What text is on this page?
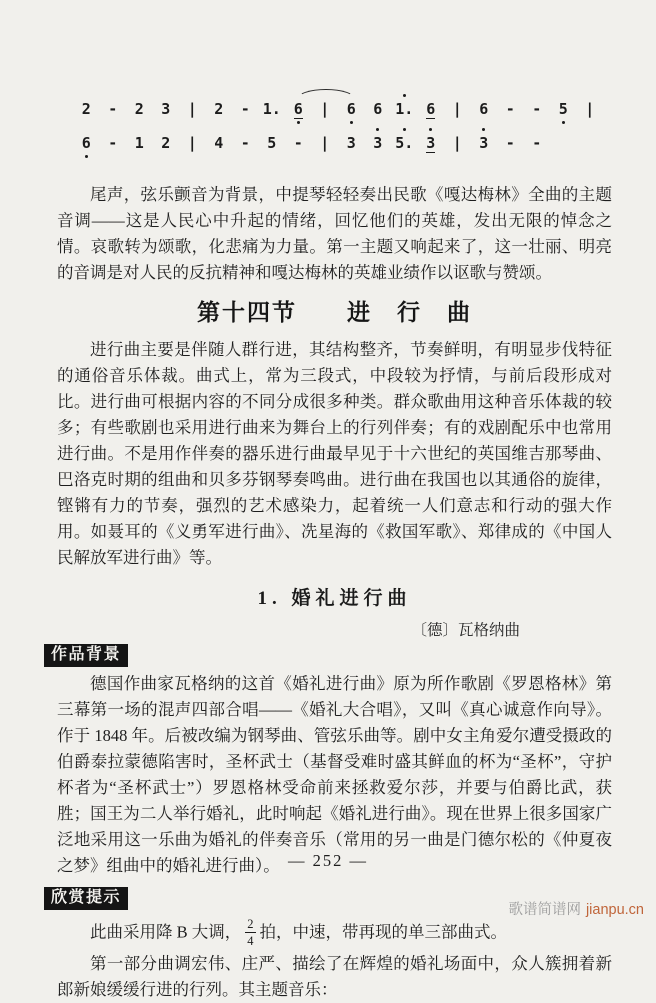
2 - 2 3 | 2 - 1. 6 | 6 6 1. 6 | 6 - - 5 |
6 - 1 2 | 4 - 5 - | 3 3 5. 3 | 3 - -

尾声，弦乐颤音为背景，中提琴轻轻奏出民歌《嘎达梅林》全曲的主题音调——这是人民心中升起的情绪，回忆他们的英雄，发出无限的悼念之情。哀歌转为颂歌，化悲痛为力量。第一主题又响起来了，这一壮丽、明亮的音调是对人民的反抗精神和嘎达梅林的英雄业绩作以讴歌与赞颂。

第十四节　　进　行　曲

进行曲主要是伴随人群行进，其结构整齐，节奏鲜明，有明显步伐特征的通俗音乐体裁。曲式上，常为三段式，中段较为抒情，与前后段形成对比。进行曲可根据内容的不同分成很多种类。群众歌曲用这种音乐体裁的较多；有些歌剧也采用进行曲来为舞台上的行列伴奏；有的戏剧配乐中也常用进行曲。不是用作伴奏的器乐进行曲最早见于十六世纪的英国维吉那琴曲、巴洛克时期的组曲和贝多芬钢琴奏鸣曲。进行曲在我国也以其通俗的旋律，铿锵有力的节奏，强烈的艺术感染力，起着统一人们意志和行动的强大作用。如聂耳的《义勇军进行曲》、冼星海的《救国军歌》、郑律成的《中国人民解放军进行曲》等。

1. 婚礼进行曲
〔德〕瓦格纳曲
作品背景

德国作曲家瓦格纳的这首《婚礼进行曲》原为所作歌剧《罗恩格林》第三幕第一场的混声四部合唱——《婚礼大合唱》，又叫《真心诚意作向导》。作于 1848 年。后被改编为钢琴曲、管弦乐曲等。剧中女主角爱尔遭受摄政的伯爵泰拉蒙德陷害时，圣杯武士（基督受难时盛其鲜血的杯为“圣杯”，守护杯者为“圣杯武士”）罗恩格林受命前来拯救爱尔莎，并要与伯爵比武，获胜；国王为二人举行婚礼，此时响起《婚礼进行曲》。现在世界上很多国家广泛地采用这一乐曲为婚礼的伴奏音乐（常用的另一曲是门德尔松的《仲夏夜之梦》组曲中的婚礼进行曲）。

欣赏提示

此曲采用降 B 大调， $\frac{2}{4}$ 拍，中速，带再现的单三部曲式。

第一部分曲调宏伟、庄严、描绘了在辉煌的婚礼场面中，众人簇拥着新郎新娘缓缓行进的行列。其主题音乐：

— 252 —
歌谱简谱网 jianpu.cn
